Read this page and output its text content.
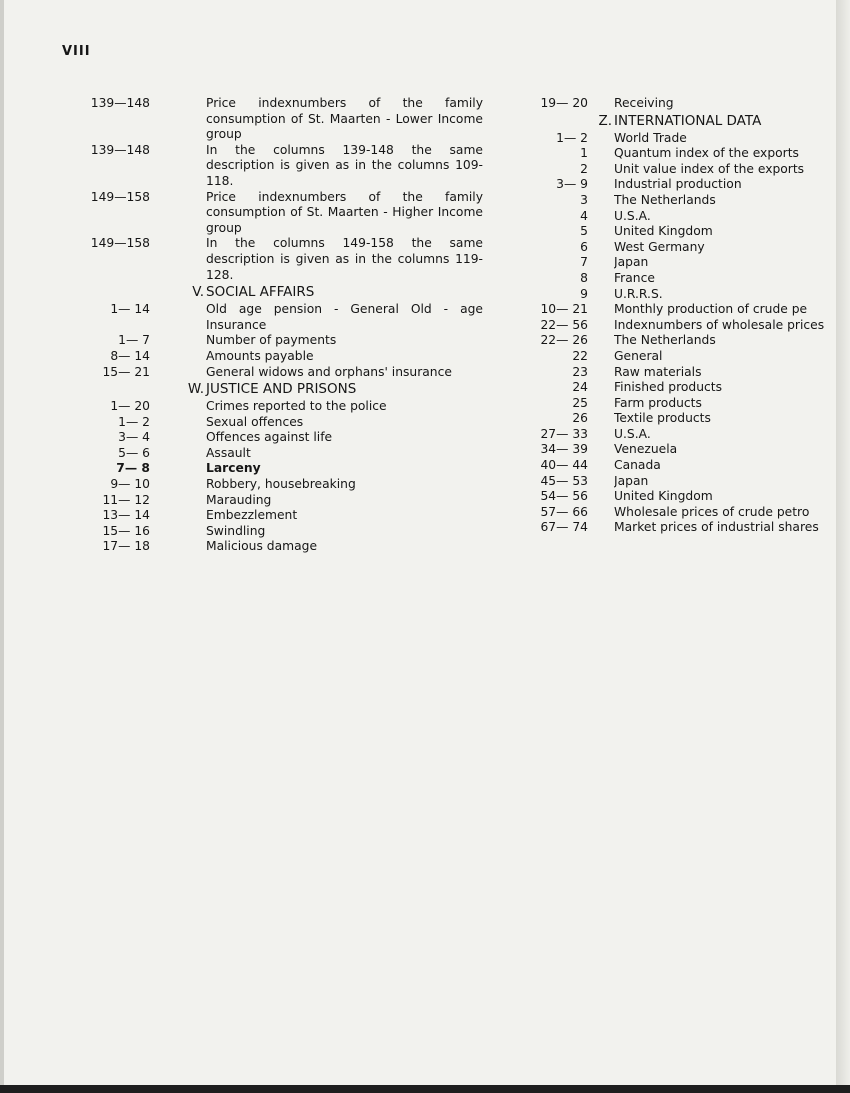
VIII
139—148	Price indexnumbers of the family consumption of St. Maarten - Lower Income group
139—148	In the columns 139-148 the same description is given as in the columns 109-118.
149—158	Price indexnumbers of the family consumption of St. Maarten - Higher Income group
149—158	In the columns 149-158 the same description is given as in the columns 119-128.
V. SOCIAL AFFAIRS
1— 14	Old age pension - General Old - age Insurance
1— 7	Number of payments
8— 14	Amounts payable
15— 21	General widows and orphans' insurance
W. JUSTICE AND PRISONS
1— 20	Crimes reported to the police
1— 2	Sexual offences
3— 4	Offences against life
5— 6	Assault
7— 8	Larceny
9— 10	Robbery, housebreaking
11— 12	Marauding
13— 14	Embezzlement
15— 16	Swindling
17— 18	Malicious damage
19— 20 Receiving
Z. INTERNATIONAL DATA
1— 2 World Trade
1 Quantum index of the exports
2 Unit value index of the exports
3— 9 Industrial production
3 The Netherlands
4 U.S.A.
5 United Kingdom
6 West Germany
7 Japan
8 France
9 U.R.R.S.
10— 21 Monthly production of crude pe
22— 56 Indexnumbers of wholesale prices
22— 26 The Netherlands
22 General
23 Raw materials
24 Finished products
25 Farm products
26 Textile products
27— 33 U.S.A.
34— 39 Venezuela
40— 44 Canada
45— 53 Japan
54— 56 United Kingdom
57— 66 Wholesale prices of crude petro
67— 74 Market prices of industrial shares
